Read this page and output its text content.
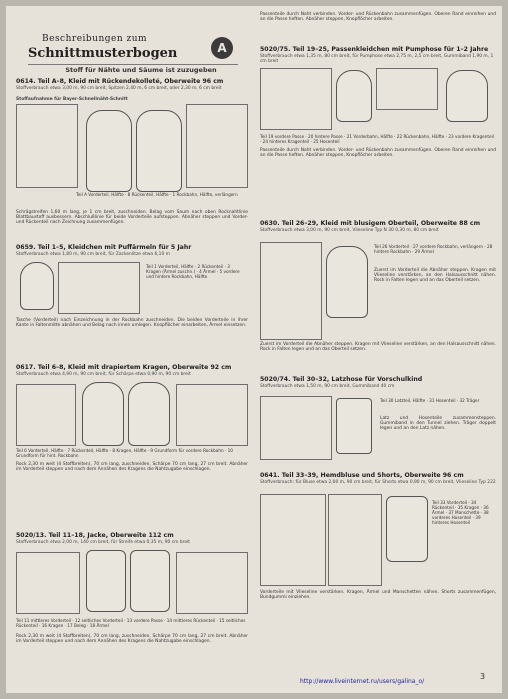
Beschreibungen zum
Schnittmusterbogen	A
Stoff für Nähte und Säume ist zuzugeben
0614. Teil A–8, Kleid mit Rückendekolleté, Oberweite 96 cm
Stoffverbrauch etwa 3,00 m, 90 cm breit, Spitzen 2,40 m, 6 cm breit, oder 2,30 m, 6 cm breit
Stoffaufnahme für Bayer-Schnellnäht-Schnitt
Teil A Vorderteil, Hälfte · 8 Rückenteil, Hälfte · 1 Rockbahn, Hälfte, verlängern
Schrägstreifen 1,60 m lang, je 1 cm breit, zuschneiden. Belag vom Saum nach oben Rocknahtlinie Blattbaustoff ausbessern. Abschlußlinie für beide Vorderteile aufsteppen. Abnäher steppen und Vorder- und Rückenteil nach Zeichnung zusammenfügen.
0659. Teil 1–5, Kleidchen mit Puffärmeln für 5 Jahr
Stoffverbrauch etwa 1,80 m, 90 cm breit, für Zackenlitze etwa 6,10 m
Teil 1 Vorderteil, Hälfte · 2 Rückenteil · 3 Kragen (Ärmel zuschn.) · 4 Ärmel · 5 vordere und hintere Rockbahn, Hälfte
Tasche (Vorderteil) nach Einzeichnung in der Rockbahn zuschneiden. Die beiden Vorderteile in ihrer Kante in Faltenmitte abnähen und Belag nach innen umlegen. Knopflöcher einarbeiten, Ärmel einsetzen.
0617. Teil 6–8, Kleid mit drapiertem Kragen, Oberweite 92 cm
Stoffverbrauch etwa 4,90 m, 90 cm breit, für Schärpe etwa 0,90 m, 90 cm breit
Teil 6 Vorderteil, Hälfte · 7 Rückenteil, Hälfte · 8 Kragen, Hälfte · 9 Grundform für vordere Rockbahn · 10 Grundform für hint. Rockbahn
Rock 2,30 m weit (4 Stoffbreiten), 70 cm lang, zuschneiden. Schärpe 70 cm lang, 27 cm breit. Abnäher im Vorderteil steppen und nach dem Annähen des Kragens die Nahtzugabe einschlagen.
5020/13. Teil 11–18, Jacke, Oberweite 112 cm
Stoffverbrauch etwa 2,00 m, 140 cm breit, für Streife etwa 0,35 m, 90 cm breit
Teil 11 mittleres Vorderteil · 12 seitliches Vorderteil · 13 vordere Passe · 14 mittleres Rückenteil · 15 seitliches Rückenteil · 16 Kragen · 17 Beleg · 18 Ärmel
Rock 2,30 m weit (4 Stoffbreiten), 70 cm lang, zuschneiden. Schärpe 70 cm lang, 27 cm breit. Abnäher im Vorderteil steppen und nach dem Annähen des Kragens die Nahtzugabe einschlagen.
Passenteile durch Naht verbinden. Vorder- und Rückenbahn zusammenfügen. Oberen Rand einreihen und an die Passe heften. Abnäher steppen, Knopflöcher arbeiten.
5020/75. Teil 19–25, Passenkleidchen mit Pumphose für 1–2 Jahre
Stoffverbrauch etwa 1,35 m, 80 cm breit, für Pumphose etwa 2,75 m, 2,5 cm breit, Gummiband 1,90 m, 1 cm breit
Teil 19 vordere Passe · 20 hintere Passe · 21 Vorderbahn, Hälfte · 22 Rückenbahn, Hälfte · 23 vordere Kragenteil · 24 hinteres Kragenteil · 25 Hosenteil
Passenteile durch Naht verbinden. Vorder- und Rückenbahn zusammenfügen. Oberen Rand einreihen und an die Passe heften. Abnäher steppen, Knopflöcher arbeiten.
0630. Teil 26–29, Kleid mit blusigem Oberteil, Oberweite 88 cm
Stoffverbrauch etwa 3,00 m, 90 cm breit, Vlieseline Typ N 30 0,30 m, 80 cm breit
Teil 26 Vorderteil · 27 vordere Rockbahn, verlängern · 28 hintere Rockbahn · 29 Ärmel
Zuerst im Vorderteil die Abnäher steppen. Kragen mit Vlieseline verstärken, an den Halsausschnitt nähen. Rock in Falten legen und an das Oberteil setzen.
Zuerst im Vorderteil die Abnäher steppen. Kragen mit Vlieseline verstärken, an den Halsausschnitt nähen. Rock in Falten legen und an das Oberteil setzen.
5020/74. Teil 30–32, Latzhose für Vorschulkind
Stoffverbrauch etwa 1,50 m, 90 cm breit, Gummiband 40 cm
Teil 30 Latzteil, Hälfte · 31 Hosenteil · 32 Träger
Latz und Hosenteile zusammensteppen. Gummiband in den Tunnel ziehen. Träger doppelt legen und an den Latz nähen.
0641. Teil 33–39, Hemdbluse und Shorts, Oberweite 96 cm
Stoffverbrauch: für Bluse etwa 2,00 m, 90 cm breit, für Shorts etwa 0,90 m, 90 cm breit, Vlieseline Typ 222
Teil 33 Vorderteil · 34 Rückenteil · 35 Kragen · 36 Ärmel · 37 Manschette · 38 vorderes Hosenteil · 39 hinteres Hosenteil
Vorderteile mit Vlieseline verstärken. Kragen, Ärmel und Manschetten nähen. Shorts zusammenfügen, Bundgummi einziehen.
3
http://www.liveinternet.ru/users/galina_o/
